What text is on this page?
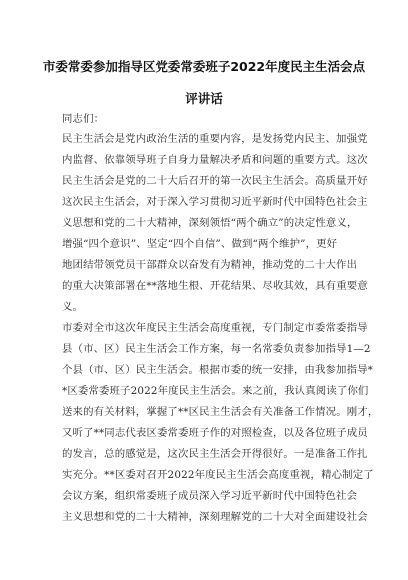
市委常委参加指导区党委常委班子2022年度民主生活会点
评讲话
同志们：
民主生活会是党内政治生活的重要内容，是发扬党内民主、加强党
内监督、依靠领导班子自身力量解决矛盾和问题的重要方式。这次
民主生活会是党的二十大后召开的第一次民主生活会。高质量开好
这次民主生活会，对于深入学习贯彻习近平新时代中国特色社会主
义思想和党的二十大精神，深刻领悟“两个确立”的决定性意义，
增强“四个意识”、坚定“四个自信”、做到“两个维护”，更好
地团结带领党员干部群众以奋发有为精神，推动党的二十大作出
的重大决策部署在**落地生根、开花结果、尽收其效，具有重要意
义。
市委对全市这次年度民主生活会高度重视，专门制定市委常委指导
县（市、区）民主生活会工作方案，每一名常委负责参加指导1—2
个县（市、区）民主生活会。根据市委的统一安排，由我参加指导*
*区委常委班子2022年度民主生活会。来之前，我认真阅读了你们
送来的有关材料，掌握了**区民主生活会有关准备工作情况。刚才，
又听了**同志代表区委常委班子作的对照检查，以及各位班子成员
的发言，总的感觉是，这次民主生活会开得很好。一是准备工作扎
实充分。**区委对召开2022年度民主生活会高度重视，精心制定了
会议方案，组织常委班子成员深入学习近平新时代中国特色社会
主义思想和党的二十大精神，深刻理解党的二十大对全面建设社会
